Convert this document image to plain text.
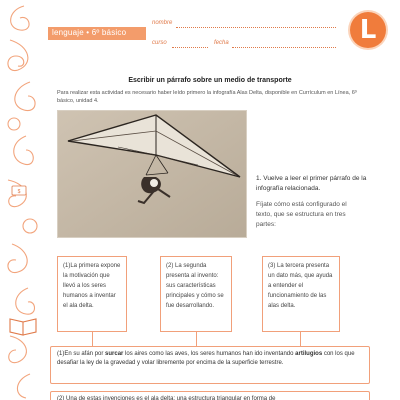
$
lenguaje • 6º básico
nombre
curso	fecha	L
Escribir un párrafo sobre un medio de transporte
Para realizar esta actividad es necesario haber leído primero la infografía Alas Delta, disponible en Currículum en Línea, 6º básico, unidad 4.
1. Vuelve a leer el primer párrafo de la infografía relacionada.
Fíjate cómo está configurado el texto, que se estructura en tres partes:
(1)La primera expone la motivación que llevó a los seres humanos a inventar el ala delta.
(2) La segunda presenta al invento: sus características principales y cómo se fue desarrollando.
(3) La tercera presenta un dato más, que ayuda a entender el funcionamiento de las alas delta.
(1)En su afán por surcar los aires como las aves, los seres humanos han ido inventando artilugios con los que desafiar la ley de la gravedad y volar libremente por encima de la superficie terrestre.
(2) Una de estas invenciones es el ala delta: una estructura triangular en forma de
